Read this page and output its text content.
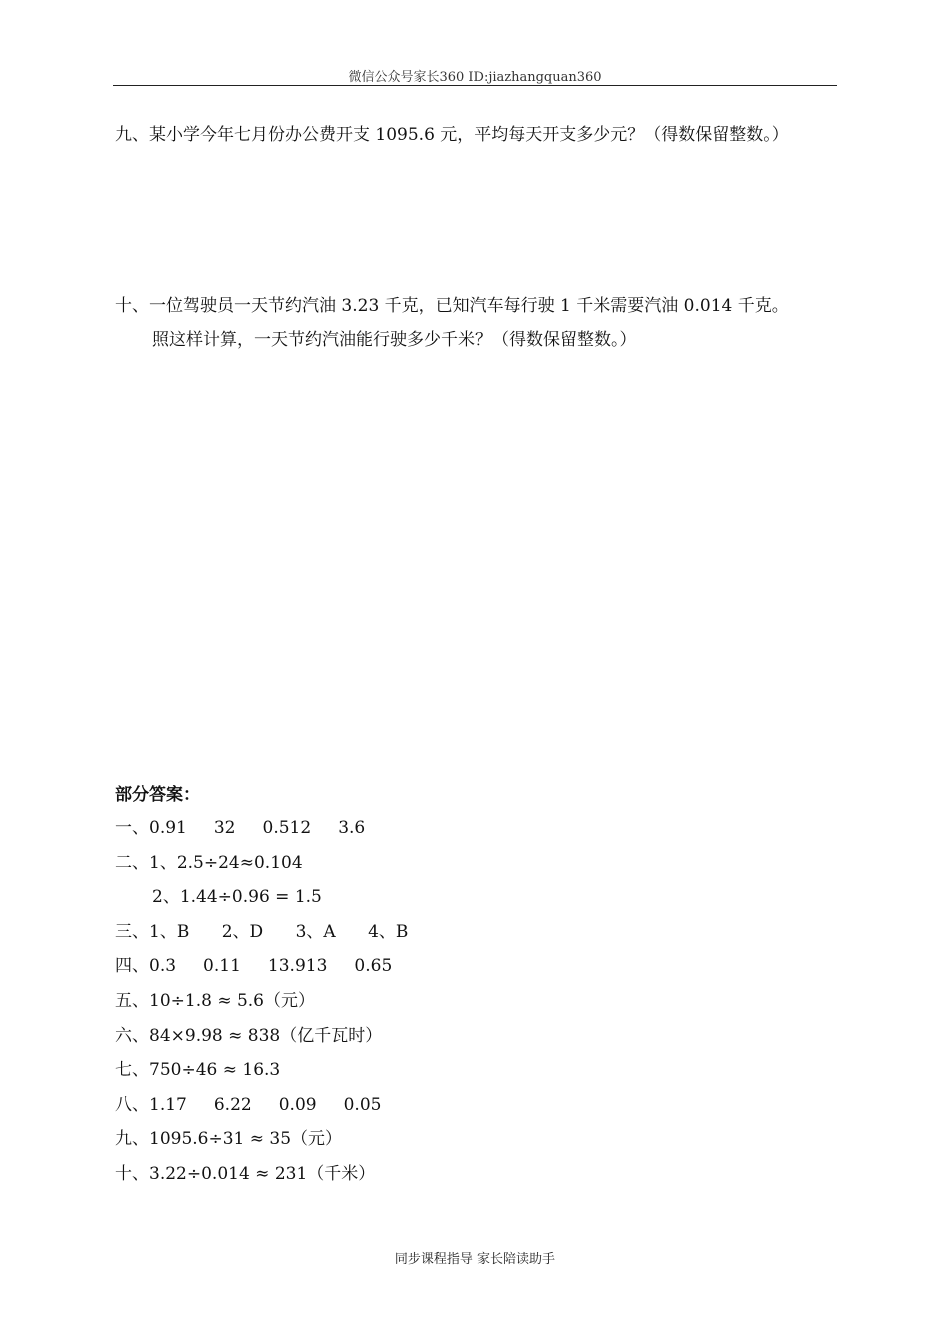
微信公众号家长360 ID:jiazhangquan360
九、某小学今年七月份办公费开支 1095.6 元，平均每天开支多少元？（得数保留整数。）
十、一位驾驶员一天节约汽油 3.23 千克，已知汽车每行驶 1 千米需要汽油 0.014 千克。
照这样计算，一天节约汽油能行驶多少千米？（得数保留整数。）
部分答案：
一、0.91     32     0.512     3.6
二、1、2.5÷24≈0.104
2、1.44÷0.96 = 1.5
三、1、B      2、D      3、A      4、B
四、0.3     0.11     13.913     0.65
五、10÷1.8 ≈ 5.6（元）
六、84×9.98 ≈ 838（亿千瓦时）
七、750÷46 ≈ 16.3
八、1.17     6.22     0.09     0.05
九、1095.6÷31 ≈ 35（元）
十、3.22÷0.014 ≈ 231（千米）
同步课程指导 家长陪读助手
